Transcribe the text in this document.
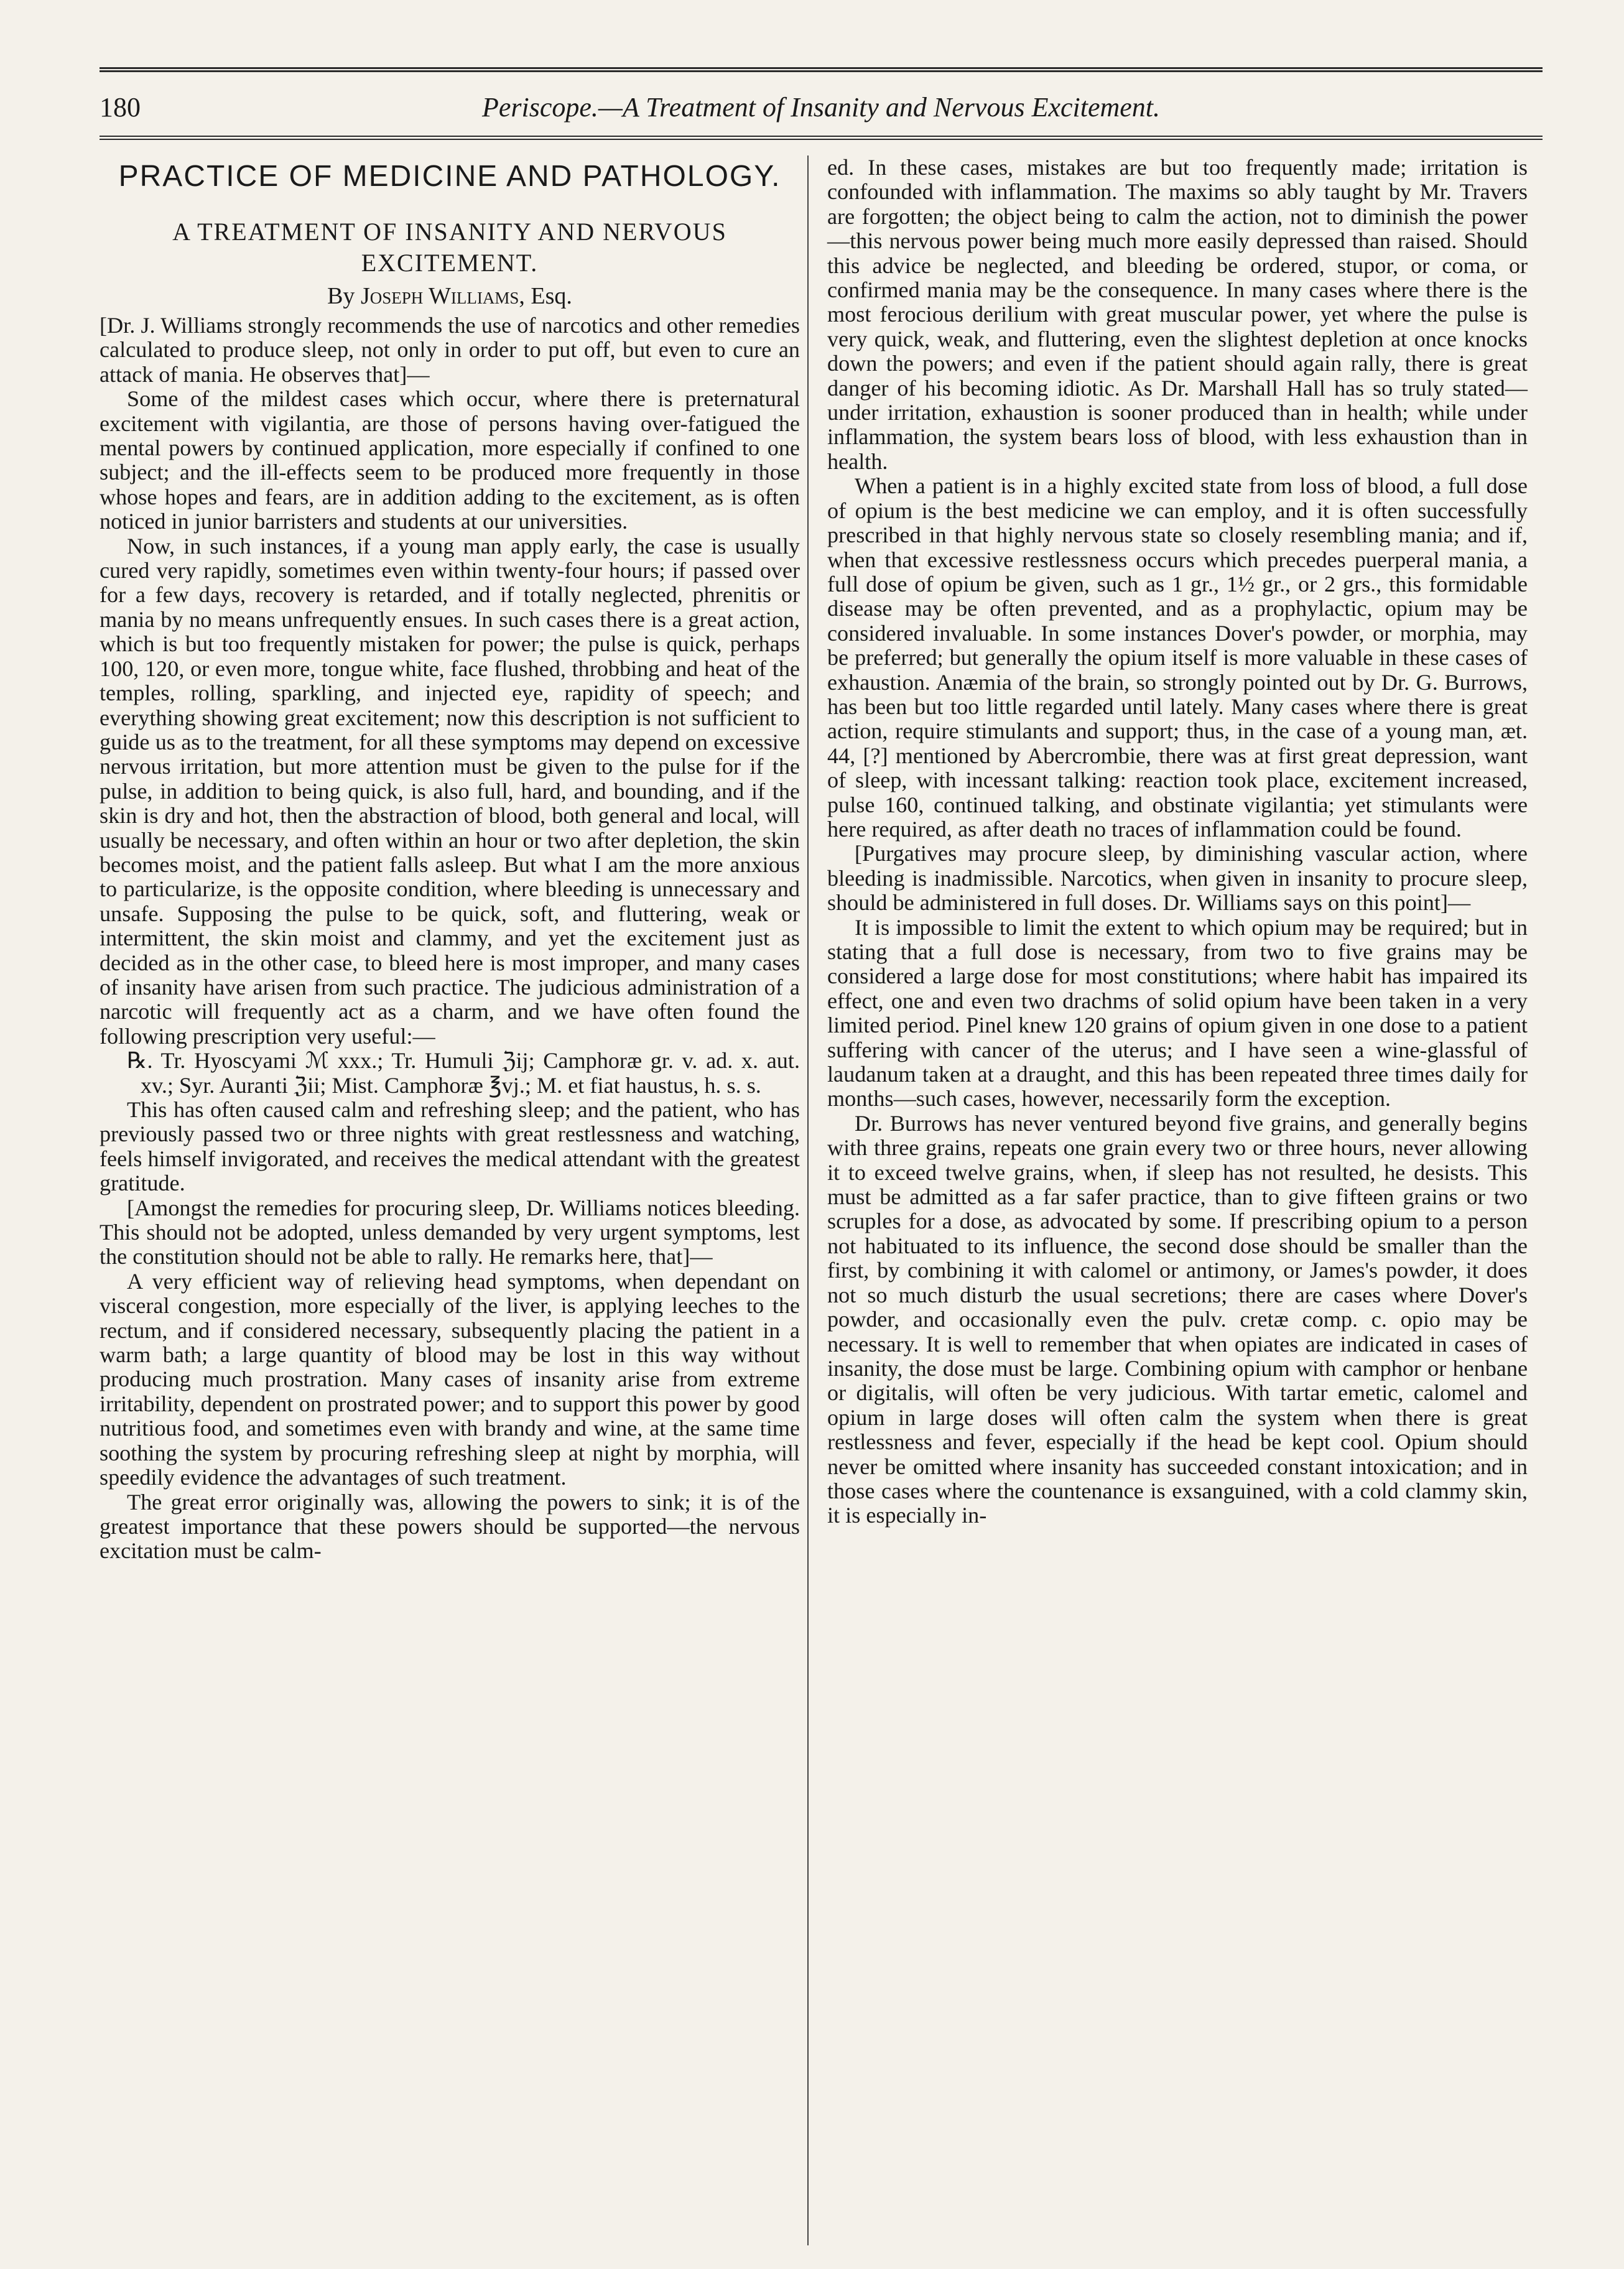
180	Periscope.—A Treatment of Insanity and Nervous Excitement.
PRACTICE OF MEDICINE AND PATHOLOGY.
A TREATMENT OF INSANITY AND NERVOUS EXCITEMENT.
By Joseph Williams, Esq.

[Dr. J. Williams strongly recommends the use of narcotics and other remedies calculated to produce sleep, not only in order to put off, but even to cure an attack of mania. He observes that]—

Some of the mildest cases which occur, where there is preternatural excitement with vigilantia, are those of persons having over-fatigued the mental powers by continued application, more especially if confined to one subject; and the ill-effects seem to be produced more frequently in those whose hopes and fears, are in addition adding to the excitement, as is often noticed in junior barristers and students at our universities.

Now, in such instances, if a young man apply early, the case is usually cured very rapidly, sometimes even within twenty-four hours; if passed over for a few days, recovery is retarded, and if totally neglected, phrenitis or mania by no means unfrequently ensues. In such cases there is a great action, which is but too frequently mistaken for power; the pulse is quick, perhaps 100, 120, or even more, tongue white, face flushed, throbbing and heat of the temples, rolling, sparkling, and injected eye, rapidity of speech; and everything showing great excitement; now this description is not sufficient to guide us as to the treatment, for all these symptoms may depend on excessive nervous irritation, but more attention must be given to the pulse for if the pulse, in addition to being quick, is also full, hard, and bounding, and if the skin is dry and hot, then the abstraction of blood, both general and local, will usually be necessary, and often within an hour or two after depletion, the skin becomes moist, and the patient falls asleep. But what I am the more anxious to particularize, is the opposite condition, where bleeding is unnecessary and unsafe. Supposing the pulse to be quick, soft, and fluttering, weak or intermittent, the skin moist and clammy, and yet the excitement just as decided as in the other case, to bleed here is most improper, and many cases of insanity have arisen from such practice. The judicious administration of a narcotic will frequently act as a charm, and we have often found the following prescription very useful:—

℞. Tr. Hyoscyami ℳ xxx.; Tr. Humuli ℨij; Camphoræ gr. v. ad. x. aut. xv.; Syr. Auranti ℨii; Mist. Camphoræ ℥vj.; M. et fiat haustus, h. s. s.

This has often caused calm and refreshing sleep; and the patient, who has previously passed two or three nights with great restlessness and watching, feels himself invigorated, and receives the medical attendant with the greatest gratitude.

[Amongst the remedies for procuring sleep, Dr. Williams notices bleeding. This should not be adopted, unless demanded by very urgent symptoms, lest the constitution should not be able to rally. He remarks here, that]—

A very efficient way of relieving head symptoms, when dependant on visceral congestion, more especially of the liver, is applying leeches to the rectum, and if considered necessary, subsequently placing the patient in a warm bath; a large quantity of blood may be lost in this way without producing much prostration. Many cases of insanity arise from extreme irritability, dependent on prostrated power; and to support this power by good nutritious food, and sometimes even with brandy and wine, at the same time soothing the system by procuring refreshing sleep at night by morphia, will speedily evidence the advantages of such treatment.

The great error originally was, allowing the powers to sink; it is of the greatest importance that these powers should be supported—the nervous excitation must be calm-

ed. In these cases, mistakes are but too frequently made; irritation is confounded with inflammation. The maxims so ably taught by Mr. Travers are forgotten; the object being to calm the action, not to diminish the power—this nervous power being much more easily depressed than raised. Should this advice be neglected, and bleeding be ordered, stupor, or coma, or confirmed mania may be the consequence. In many cases where there is the most ferocious derilium with great muscular power, yet where the pulse is very quick, weak, and fluttering, even the slightest depletion at once knocks down the powers; and even if the patient should again rally, there is great danger of his becoming idiotic. As Dr. Marshall Hall has so truly stated—under irritation, exhaustion is sooner produced than in health; while under inflammation, the system bears loss of blood, with less exhaustion than in health.

When a patient is in a highly excited state from loss of blood, a full dose of opium is the best medicine we can employ, and it is often successfully prescribed in that highly nervous state so closely resembling mania; and if, when that excessive restlessness occurs which precedes puerperal mania, a full dose of opium be given, such as 1 gr., 1½ gr., or 2 grs., this formidable disease may be often prevented, and as a prophylactic, opium may be considered invaluable. In some instances Dover's powder, or morphia, may be preferred; but generally the opium itself is more valuable in these cases of exhaustion. Anæmia of the brain, so strongly pointed out by Dr. G. Burrows, has been but too little regarded until lately. Many cases where there is great action, require stimulants and support; thus, in the case of a young man, æt. 44, [?] mentioned by Abercrombie, there was at first great depression, want of sleep, with incessant talking: reaction took place, excitement increased, pulse 160, continued talking, and obstinate vigilantia; yet stimulants were here required, as after death no traces of inflammation could be found.

[Purgatives may procure sleep, by diminishing vascular action, where bleeding is inadmissible. Narcotics, when given in insanity to procure sleep, should be administered in full doses. Dr. Williams says on this point]—

It is impossible to limit the extent to which opium may be required; but in stating that a full dose is necessary, from two to five grains may be considered a large dose for most constitutions; where habit has impaired its effect, one and even two drachms of solid opium have been taken in a very limited period. Pinel knew 120 grains of opium given in one dose to a patient suffering with cancer of the uterus; and I have seen a wine-glassful of laudanum taken at a draught, and this has been repeated three times daily for months—such cases, however, necessarily form the exception.

Dr. Burrows has never ventured beyond five grains, and generally begins with three grains, repeats one grain every two or three hours, never allowing it to exceed twelve grains, when, if sleep has not resulted, he desists. This must be admitted as a far safer practice, than to give fifteen grains or two scruples for a dose, as advocated by some. If prescribing opium to a person not habituated to its influence, the second dose should be smaller than the first, by combining it with calomel or antimony, or James's powder, it does not so much disturb the usual secretions; there are cases where Dover's powder, and occasionally even the pulv. cretæ comp. c. opio may be necessary. It is well to remember that when opiates are indicated in cases of insanity, the dose must be large. Combining opium with camphor or henbane or digitalis, will often be very judicious. With tartar emetic, calomel and opium in large doses will often calm the system when there is great restlessness and fever, especially if the head be kept cool. Opium should never be omitted where insanity has succeeded constant intoxication; and in those cases where the countenance is exsanguined, with a cold clammy skin, it is especially in-
